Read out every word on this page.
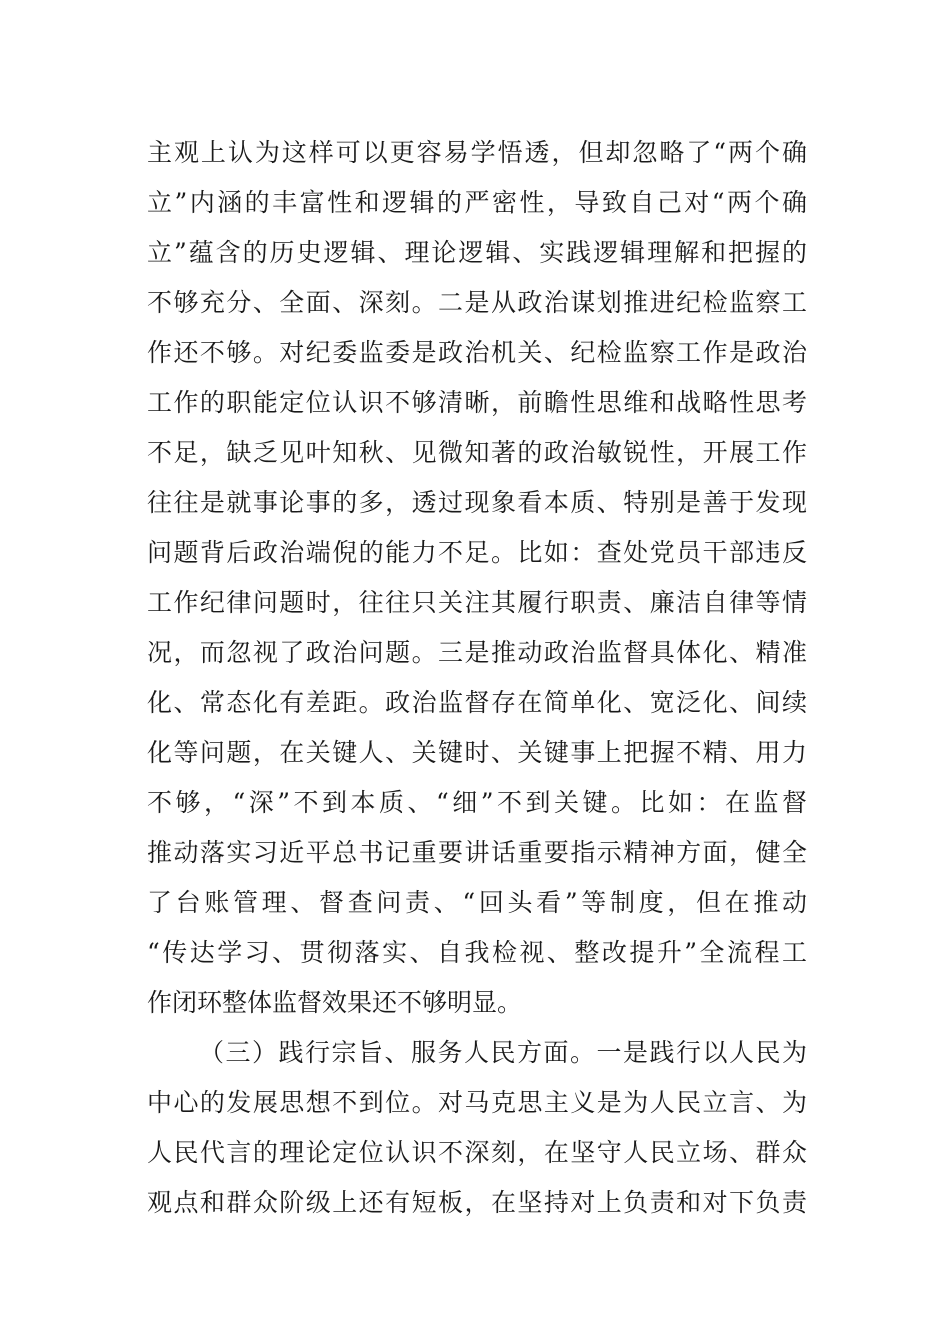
主观上认为这样可以更容易学悟透，但却忽略了“两个确
立”内涵的丰富性和逻辑的严密性，导致自己对“两个确
立”蕴含的历史逻辑、理论逻辑、实践逻辑理解和把握的
不够充分、全面、深刻。二是从政治谋划推进纪检监察工
作还不够。对纪委监委是政治机关、纪检监察工作是政治
工作的职能定位认识不够清晰，前瞻性思维和战略性思考
不足，缺乏见叶知秋、见微知著的政治敏锐性，开展工作
往往是就事论事的多，透过现象看本质、特别是善于发现
问题背后政治端倪的能力不足。比如：查处党员干部违反
工作纪律问题时，往往只关注其履行职责、廉洁自律等情
况，而忽视了政治问题。三是推动政治监督具体化、精准
化、常态化有差距。政治监督存在简单化、宽泛化、间续
化等问题，在关键人、关键时、关键事上把握不精、用力
不够，“深”不到本质、“细”不到关键。比如：在监督
推动落实习近平总书记重要讲话重要指示精神方面，健全
了台账管理、督查问责、“回头看”等制度，但在推动
“传达学习、贯彻落实、自我检视、整改提升”全流程工
作闭环整体监督效果还不够明显。
（三）践行宗旨、服务人民方面。一是践行以人民为
中心的发展思想不到位。对马克思主义是为人民立言、为
人民代言的理论定位认识不深刻，在坚守人民立场、群众
观点和群众阶级上还有短板，在坚持对上负责和对下负责
